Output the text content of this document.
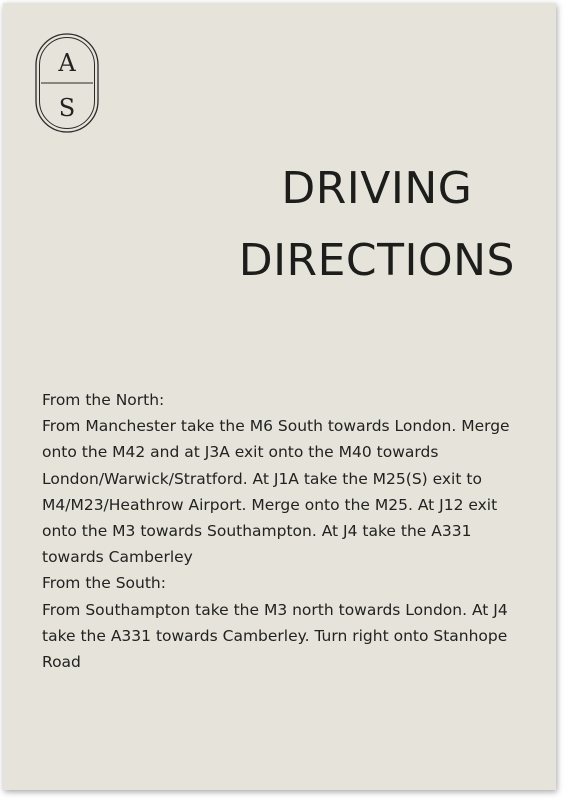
A
S
DRIVING
DIRECTIONS

From the North:

From Manchester take the M6 South towards London. Merge onto the M42 and at J3A exit onto the M40 towards London/Warwick/Stratford. At J1A take the M25(S) exit to M4/M23/Heathrow Airport. Merge onto the M25. At J12 exit onto the M3 towards Southampton. At J4 take the A331 towards Camberley

From the South:

From Southampton take the M3 north towards London. At J4 take the A331 towards Camberley. Turn right onto Stanhope Road
